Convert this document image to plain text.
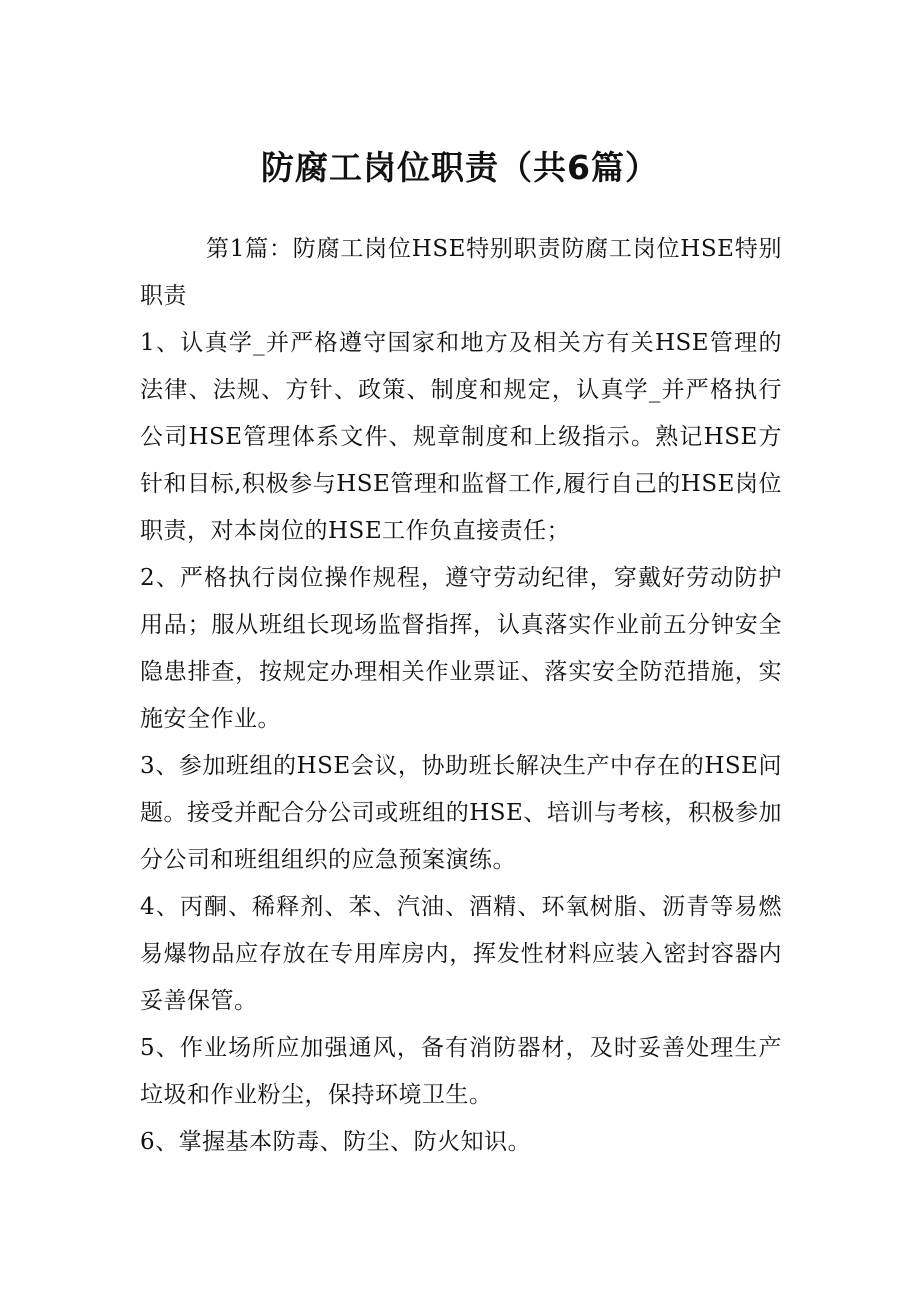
防腐工岗位职责（共6篇）

第1篇：防腐工岗位HSE特别职责防腐工岗位HSE特别职责

1、认真学_并严格遵守国家和地方及相关方有关HSE管理的法律、法规、方针、政策、制度和规定，认真学_并严格执行公司HSE管理体系文件、规章制度和上级指示。熟记HSE方针和目标,积极参与HSE管理和监督工作,履行自己的HSE岗位职责，对本岗位的HSE工作负直接责任；

2、严格执行岗位操作规程，遵守劳动纪律，穿戴好劳动防护用品；服从班组长现场监督指挥，认真落实作业前五分钟安全隐患排查，按规定办理相关作业票证、落实安全防范措施，实施安全作业。

3、参加班组的HSE会议，协助班长解决生产中存在的HSE问题。接受并配合分公司或班组的HSE、培训与考核，积极参加分公司和班组组织的应急预案演练。

4、丙酮、稀释剂、苯、汽油、酒精、环氧树脂、沥青等易燃易爆物品应存放在专用库房内，挥发性材料应装入密封容器内妥善保管。

5、作业场所应加强通风，备有消防器材，及时妥善处理生产垃圾和作业粉尘，保持环境卫生。

6、掌握基本防毒、防尘、防火知识。
